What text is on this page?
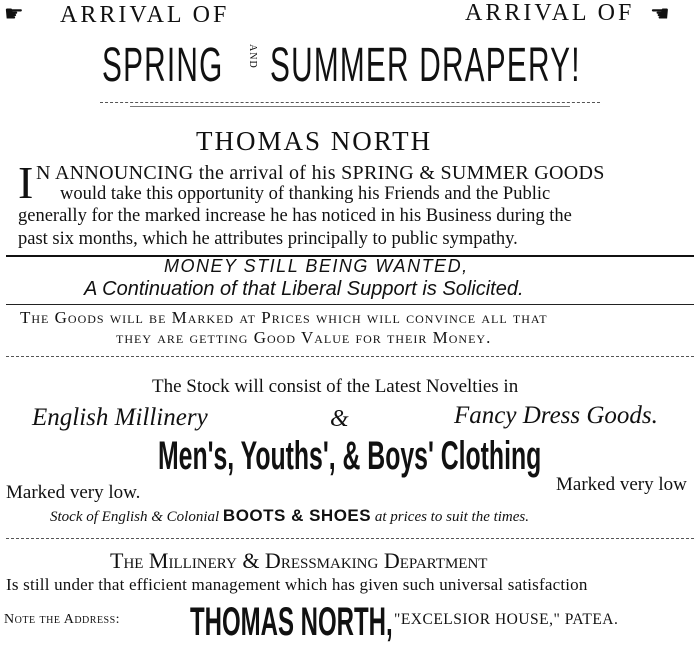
☛ ARRIVAL OF	ARRIVAL OF ☛
SPRING AND SUMMER DRAPERY!
THOMAS NORTH
I N ANNOUNCING the arrival of his SPRING & SUMMER GOODS
would take this opportunity of thanking his Friends and the Public
generally for the marked increase he has noticed in his Business during the
past six months, which he attributes principally to public sympathy.
MONEY STILL BEING WANTED,
A Continuation of that Liberal Support is Solicited.
The Goods will be Marked at Prices which will convince all that
they are getting Good Value for their Money.
The Stock will consist of the Latest Novelties in
English Millinery	&	Fancy Dress Goods.
Men's, Youths', & Boys' Clothing
Marked very low.	Marked very low
Stock of English & Colonial BOOTS & SHOES at prices to suit the times.
The Millinery & Dressmaking Department
Is still under that efficient management which has given such universal satisfaction
Note the Address: THOMAS NORTH, "EXCELSIOR HOUSE," PATEA.
